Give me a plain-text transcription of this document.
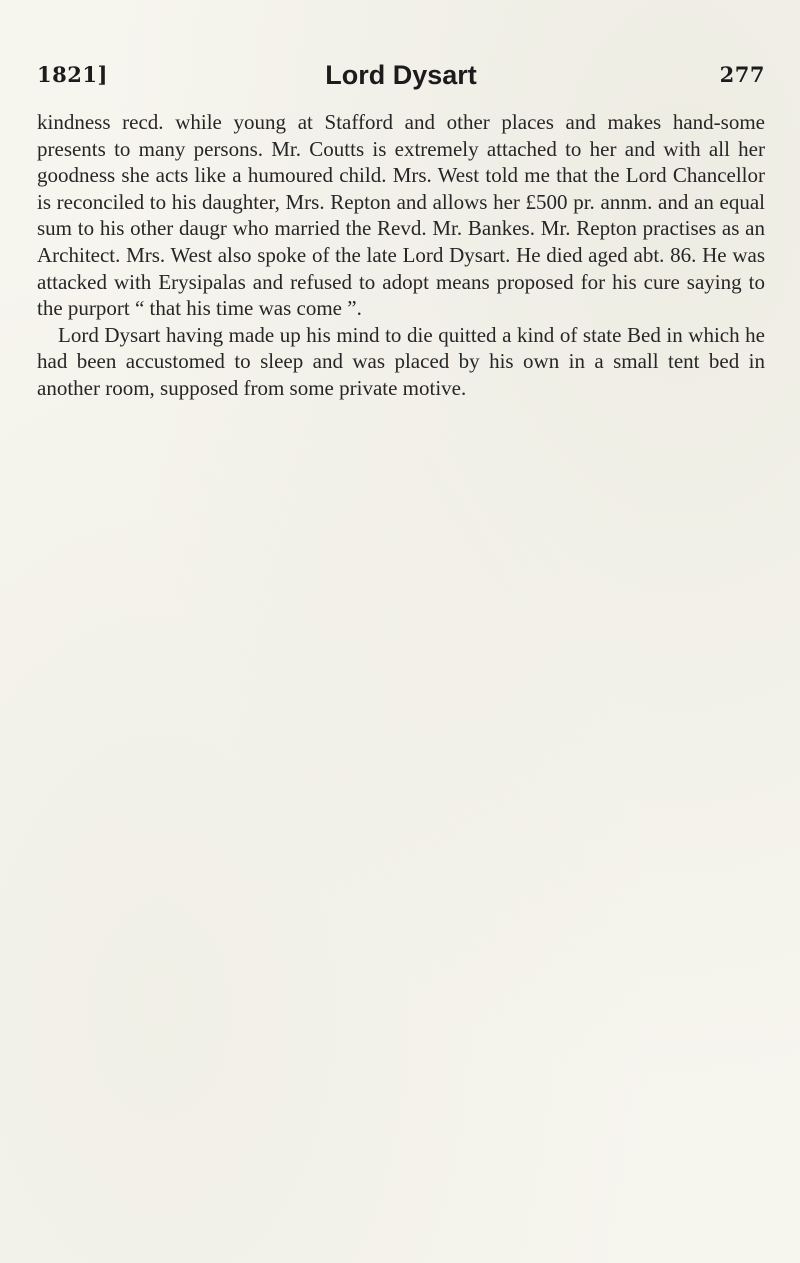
1821]	Lord Dysart	277

kindness recd. while young at Stafford and other places and makes hand-some presents to many persons. Mr. Coutts is extremely attached to her and with all her goodness she acts like a humoured child. Mrs. West told me that the Lord Chancellor is reconciled to his daughter, Mrs. Repton and allows her £500 pr. annm. and an equal sum to his other daugr who married the Revd. Mr. Bankes. Mr. Repton practises as an Architect. Mrs. West also spoke of the late Lord Dysart. He died aged abt. 86. He was attacked with Erysipalas and refused to adopt means proposed for his cure saying to the purport “ that his time was come ”.

Lord Dysart having made up his mind to die quitted a kind of state Bed in which he had been accustomed to sleep and was placed by his own in a small tent bed in another room, supposed from some private motive.
